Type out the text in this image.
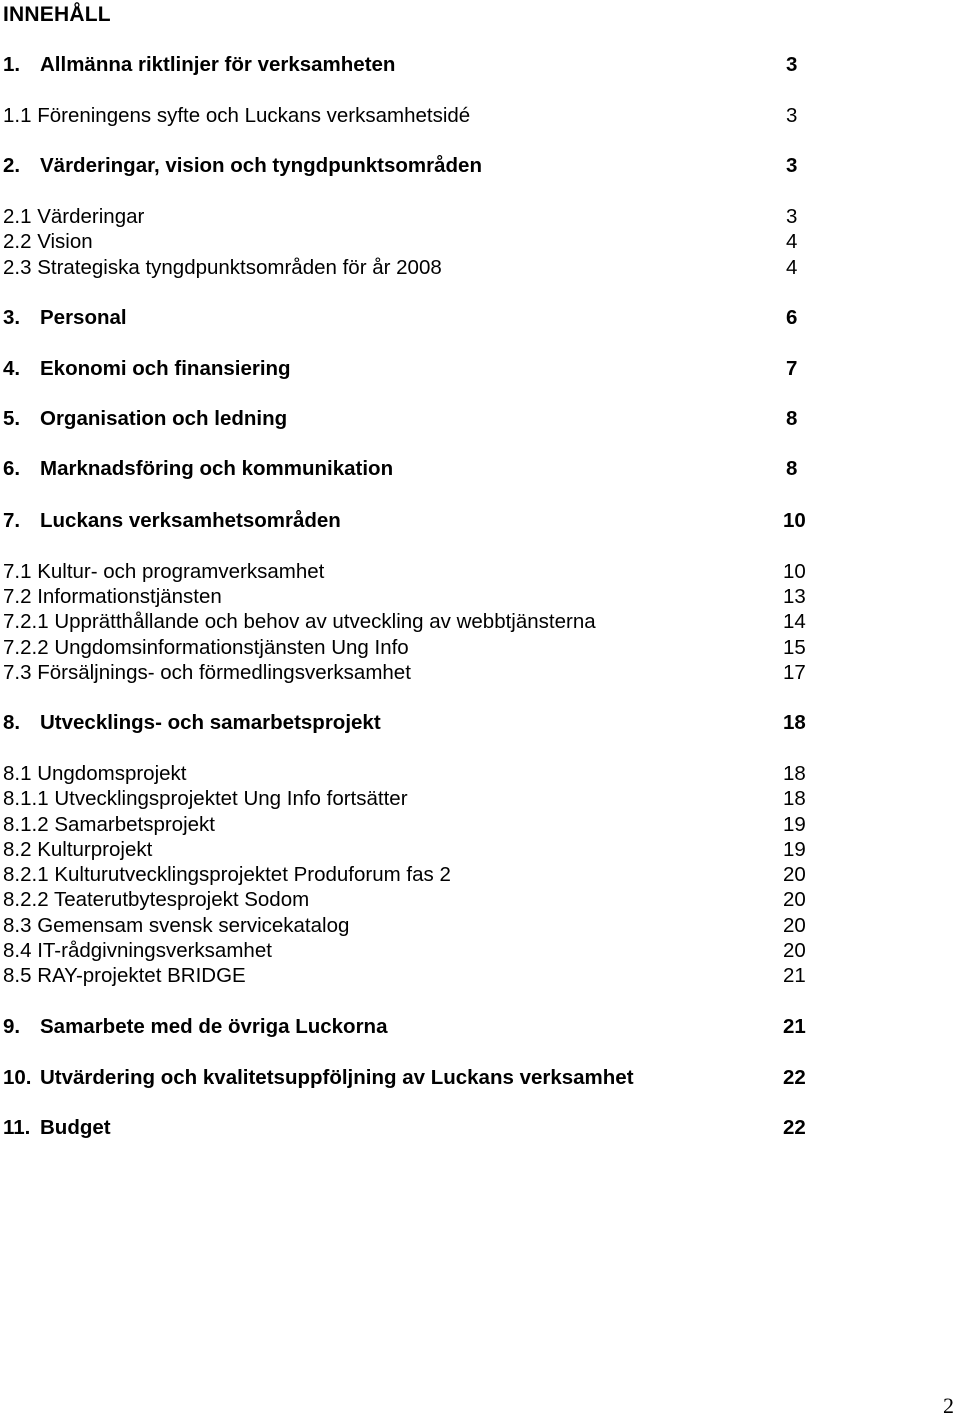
INNEHÅLL
1. Allmänna riktlinjer för verksamheten	3
1.1 Föreningens syfte och Luckans verksamhetsidé	3
2. Värderingar, vision och tyngdpunktsområden	3
2.1 Värderingar	3
2.2 Vision	4
2.3 Strategiska tyngdpunktsområden för år 2008	4
3. Personal	6
4. Ekonomi och finansiering	7
5. Organisation och ledning	8
6. Marknadsföring och kommunikation	8
7. Luckans verksamhetsområden	10
7.1 Kultur- och programverksamhet	10
7.2 Informationstjänsten	13
7.2.1 Upprätthållande och behov av utveckling av webbtjänsterna	14
7.2.2 Ungdomsinformationstjänsten Ung Info	15
7.3 Försäljnings- och förmedlingsverksamhet	17
8. Utvecklings- och samarbetsprojekt	18
8.1 Ungdomsprojekt	18
8.1.1 Utvecklingsprojektet Ung Info fortsätter	18
8.1.2 Samarbetsprojekt	19
8.2 Kulturprojekt	19
8.2.1 Kulturutvecklingsprojektet Produforum fas 2	20
8.2.2 Teaterutbytesprojekt Sodom	20
8.3 Gemensam svensk servicekatalog	20
8.4 IT-rådgivningsverksamhet	20
8.5 RAY-projektet BRIDGE	21
9. Samarbete med de övriga Luckorna	21
10. Utvärdering och kvalitetsuppföljning av Luckans verksamhet	22
11. Budget	22
2
